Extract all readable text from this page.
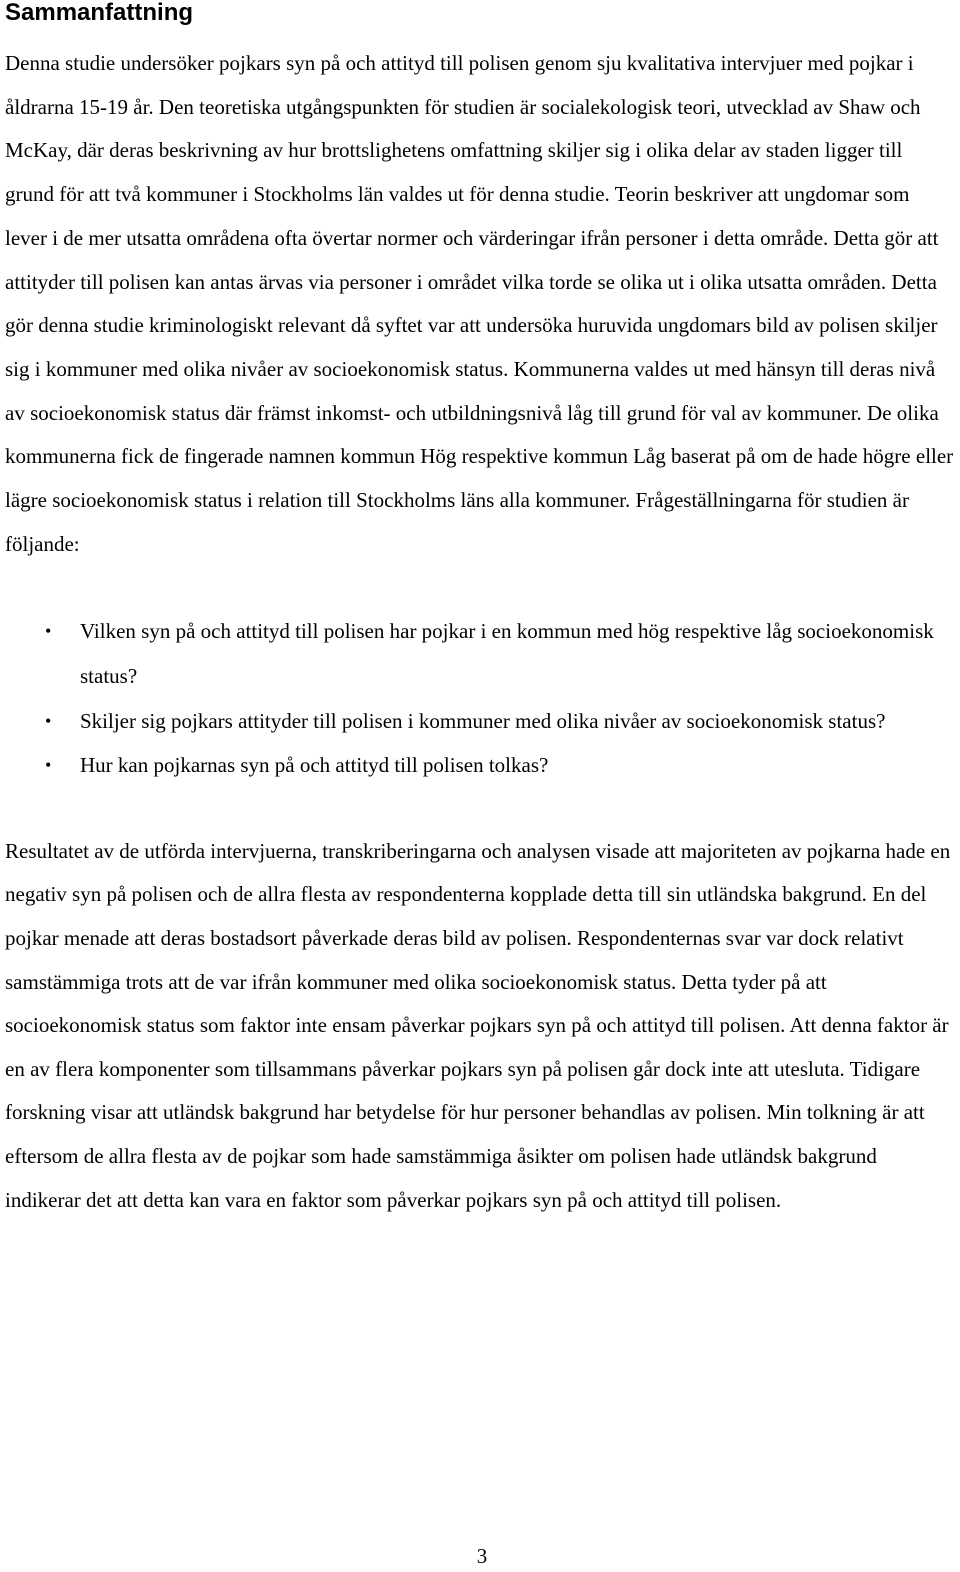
Sammanfattning

Denna studie undersöker pojkars syn på och attityd till polisen genom sju kvalitativa intervjuer med pojkar i åldrarna 15-19 år. Den teoretiska utgångspunkten för studien är socialekologisk teori, utvecklad av Shaw och McKay, där deras beskrivning av hur brottslighetens omfattning skiljer sig i olika delar av staden ligger till grund för att två kommuner i Stockholms län valdes ut för denna studie. Teorin beskriver att ungdomar som lever i de mer utsatta områdena ofta övertar normer och värderingar ifrån personer i detta område. Detta gör att attityder till polisen kan antas ärvas via personer i området vilka torde se olika ut i olika utsatta områden. Detta gör denna studie kriminologiskt relevant då syftet var att undersöka huruvida ungdomars bild av polisen skiljer sig i kommuner med olika nivåer av socioekonomisk status. Kommunerna valdes ut med hänsyn till deras nivå av socioekonomisk status där främst inkomst- och utbildningsnivå låg till grund för val av kommuner. De olika kommunerna fick de fingerade namnen kommun Hög respektive kommun Låg baserat på om de hade högre eller lägre socioekonomisk status i relation till Stockholms läns alla kommuner. Frågeställningarna för studien är följande:

• Vilken syn på och attityd till polisen har pojkar i en kommun med hög respektive låg socioekonomisk status?
• Skiljer sig pojkars attityder till polisen i kommuner med olika nivåer av socioekonomisk status?
• Hur kan pojkarnas syn på och attityd till polisen tolkas?

Resultatet av de utförda intervjuerna, transkriberingarna och analysen visade att majoriteten av pojkarna hade en negativ syn på polisen och de allra flesta av respondenterna kopplade detta till sin utländska bakgrund. En del pojkar menade att deras bostadsort påverkade deras bild av polisen. Respondenternas svar var dock relativt samstämmiga trots att de var ifrån kommuner med olika socioekonomisk status. Detta tyder på att socioekonomisk status som faktor inte ensam påverkar pojkars syn på och attityd till polisen. Att denna faktor är en av flera komponenter som tillsammans påverkar pojkars syn på polisen går dock inte att utesluta. Tidigare forskning visar att utländsk bakgrund har betydelse för hur personer behandlas av polisen. Min tolkning är att eftersom de allra flesta av de pojkar som hade samstämmiga åsikter om polisen hade utländsk bakgrund indikerar det att detta kan vara en faktor som påverkar pojkars syn på och attityd till polisen.

3
